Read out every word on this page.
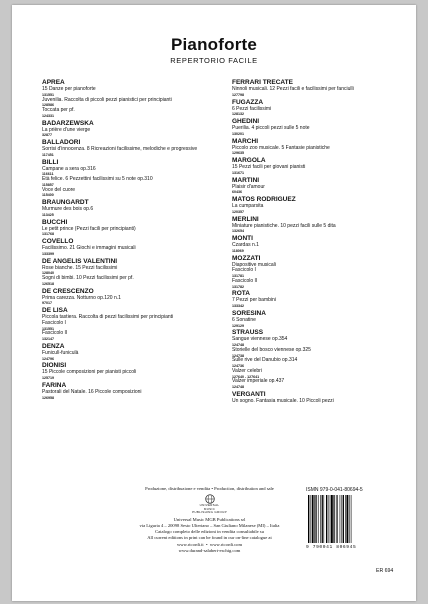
Pianoforte
REPERTORIO FACILE
APREA
15 Danze per pianoforte
131551
Juvenilia. Raccolta di piccoli pezzi pianistici per principianti
128586
Toccata per pf.
124331
BADARZEWSKA
La prière d'une vierge
32877
BALLADORI
Sorrisi d'innocenza. 8 Ricreazioni facilissime, melodiche e progressive
117451
BILLI
Campane a sera op.316
116611
Età felice. 6 Pezzettini facilissimi su 5 note op.310
115857
Voce del cuore
115400
BRAUNGARDT
Murmure des bois op.6
113425
BUCCHI
Le petit prince (Pezzi facili per principianti)
131768
COVELLO
Facilissimo. 21 Giochi e immagini musicali
133399
DE ANGELIS VALENTINI
Rose bianche. 15 Pezzi facilissimi
128040
Sogni di bimbi. 10 Pezzi facilissimi per pf.
126518
DE CRESCENZO
Prima carezza. Notturno op.120 n.1
97017
DE LISA
Piccola tastiera. Raccolta di pezzi facilissimi per principianti
Fascicolo I
131551
Fascicolo II
132147
DENZA
Funiculì-funiculà
124796
DIONISI
15 Piccole composizioni per pianisti piccoli
125719
FARINA
Pastorali del Natale. 16 Piccole composizioni
126958
FERRARI TRECATE
Ninnoli musicali. 12 Pezzi facili e facilissimi per fanciulli
127798
FUGAZZA
6 Pezzi facilissimi
128132
GHEDINI
Puerilia. 4 piccoli pezzi sulle 5 note
130201
MARCHI
Piccolo zoo musicale. 5 Fantasie pianistiche
129635
MARGOLA
15 Pezzi facili per giovani pianisti
131671
MARTINI
Plaisir d'amour
60436
MATOS RODRIGUEZ
La cumparsita
120357
MERLINI
Miniature pianistiche. 10 pezzi facili sulle 5 dita
132654
MONTI
Czardas n.1
118069
MOZZATI
Diapositive musicali
Fascicolo I
131781
Fascicolo II
131782
ROTA
7 Pezzi per bambini
133342
SORESINA
6 Sonatine
129129
STRAUSS
Sangue viennese op.354
124748
Storielle del bosco viennese op.325
124738
Sulle rive del Danubio op.314
124736
Valzer celebri
127640 - 127641
Valzer imperiale op.437
124748
VERGANTI
Un sogno. Fantasia musicale. 10 Piccoli pezzi
Produzione, distribuzione e vendita • Production, distribution and sale
UNIVERSAL
MUSIC
PUBLISHING GROUP
Universal Music MGB Publications srl
via Liguria 4 – 20098 Sesto Ulteriano – San Giuliano Milanese (MI) – Italia
Catalogo completo delle edizioni in vendita consultabile su
All current editions in print can be found in our on-line catalogue at
www.ricordi.it  •  www.ricordi.com
www.durand-salabert-eschig.com
ISMN 979-0-041-80694-5
9 790041 806945
ER 694
